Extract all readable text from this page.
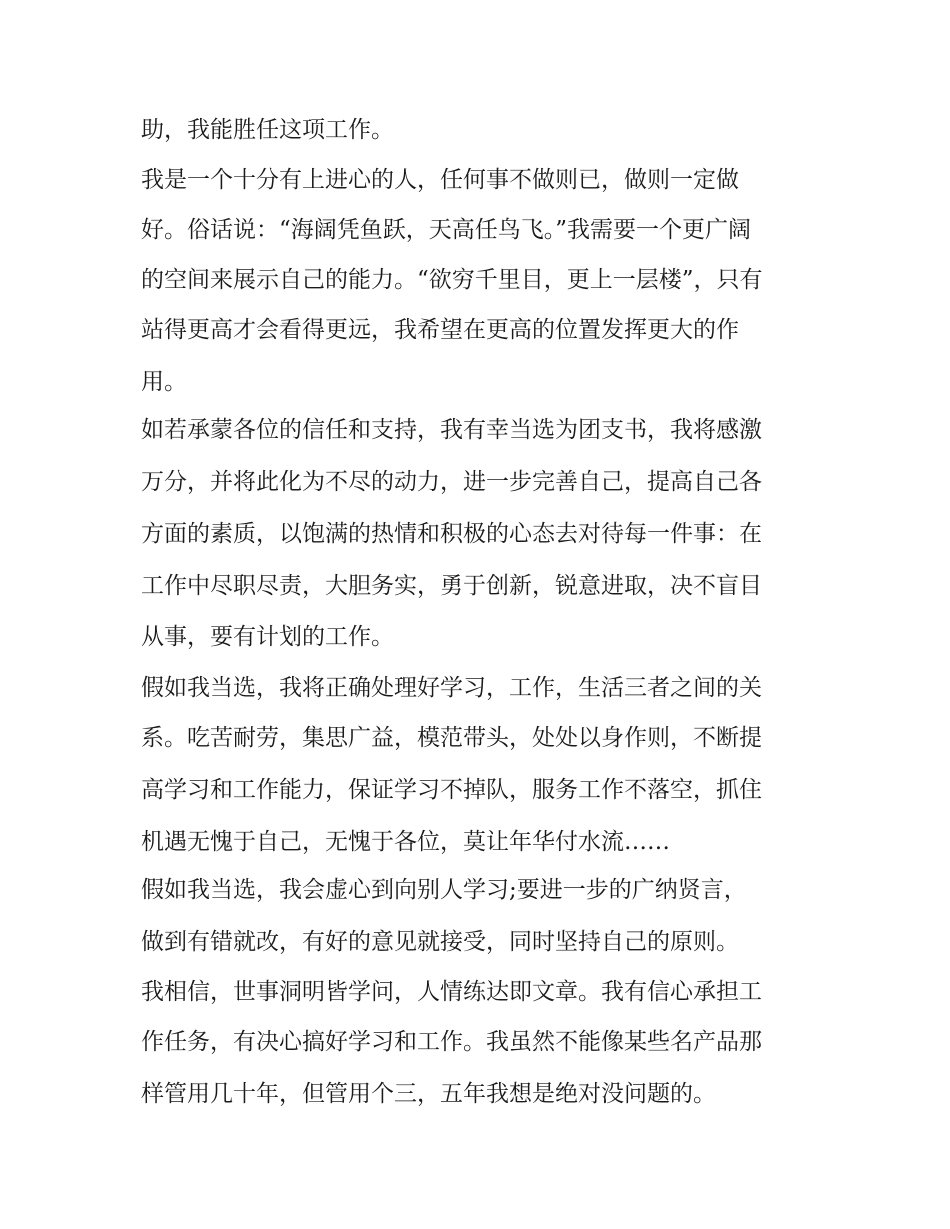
助，我能胜任这项工作。
我是一个十分有上进心的人，任何事不做则已，做则一定做
好。俗话说：“海阔凭鱼跃，天高任鸟飞。”我需要一个更广阔
的空间来展示自己的能力。“欲穷千里目，更上一层楼”，只有
站得更高才会看得更远，我希望在更高的位置发挥更大的作
用。
如若承蒙各位的信任和支持，我有幸当选为团支书，我将感激
万分，并将此化为不尽的动力，进一步完善自己，提高自己各
方面的素质，以饱满的热情和积极的心态去对待每一件事：在
工作中尽职尽责，大胆务实，勇于创新，锐意进取，决不盲目
从事，要有计划的工作。
假如我当选，我将正确处理好学习，工作，生活三者之间的关
系。吃苦耐劳，集思广益，模范带头，处处以身作则，不断提
高学习和工作能力，保证学习不掉队，服务工作不落空，抓住
机遇无愧于自己，无愧于各位，莫让年华付水流……
假如我当选，我会虚心到向别人学习;要进一步的广纳贤言，
做到有错就改，有好的意见就接受，同时坚持自己的原则。
我相信，世事洞明皆学问，人情练达即文章。我有信心承担工
作任务，有决心搞好学习和工作。我虽然不能像某些名产品那
样管用几十年，但管用个三，五年我想是绝对没问题的。
